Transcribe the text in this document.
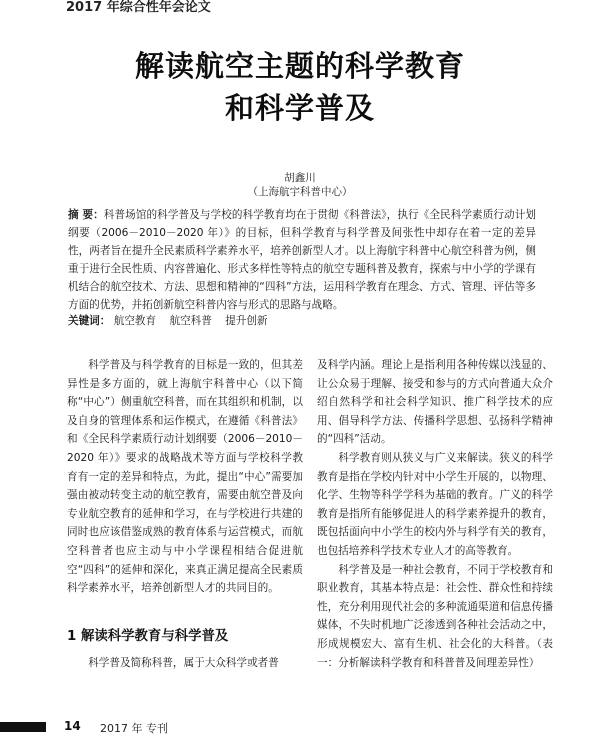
2017 年综合性年会论文
解读航空主题的科学教育
和科学普及
胡鑫川
（上海航宇科普中心）
摘 要：科普场馆的科学普及与学校的科学教育均在于贯彻《科普法》，执行《全民科学素质行动计划纲要（2006－2010－2020 年）》的目标，但科学教育与科学普及间张性中却存在着一定的差异性，两者旨在提升全民素质科学素养水平，培养创新型人才。以上海航宇科普中心航空科普为例，侧重于进行全民性质、内容普遍化、形式多样性等特点的航空专题科普及教育，探索与中小学的学课有机结合的航空技术、方法、思想和精神的“四科”方法，运用科学教育在理念、方式、管理、评估等多方面的优势，并拓创新航空科普内容与形式的思路与战略。
关键词： 航空教育 航空科普 提升创新

科学普及与科学教育的目标是一致的，但其差异性是多方面的，就上海航宇科普中心（以下简称“中心”）侧重航空科普，而在其组织和机制，以及自身的管理体系和运作模式，在遵循《科普法》和《全民科学素质行动计划纲要（2006－2010－2020 年）》要求的战略战术等方面与学校科学教育有一定的差异和特点，为此，提出“中心”需要加强由被动转变主动的航空教育，需要由航空普及向专业航空教育的延伸和学习，在与学校进行共建的同时也应该借鉴成熟的教育体系与运营模式，而航空科普者也应主动与中小学课程相结合促进航空“四科”的延伸和深化，来真正满足提高全民素质科学素养水平，培养创新型人才的共同目的。

1 解读科学教育与科学普及
科学普及简称科普，属于大众科学或者普

及科学内涵。理论上是指利用各种传媒以浅显的、让公众易于理解、接受和参与的方式向普通大众介绍自然科学和社会科学知识、推广科学技术的应用、倡导科学方法、传播科学思想、弘扬科学精神的“四科”活动。

科学教育则从狭义与广义来解读。狭义的科学教育是指在学校内针对中小学生开展的，以物理、化学、生物等科学学科为基础的教育。广义的科学教育是指所有能够促进人的科学素养提升的教育，既包括面向中小学生的校内外与科学有关的教育，也包括培养科学技术专业人才的高等教育。

科学普及是一种社会教育，不同于学校教育和职业教育，其基本特点是：社会性、群众性和持续性，充分利用现代社会的多种流通渠道和信息传播媒体，不失时机地广泛渗透到各种社会活动之中，形成规模宏大、富有生机、社会化的大科普。（表一：分析解读科学教育和科普普及间理差异性）

14 2017 年 专刊
